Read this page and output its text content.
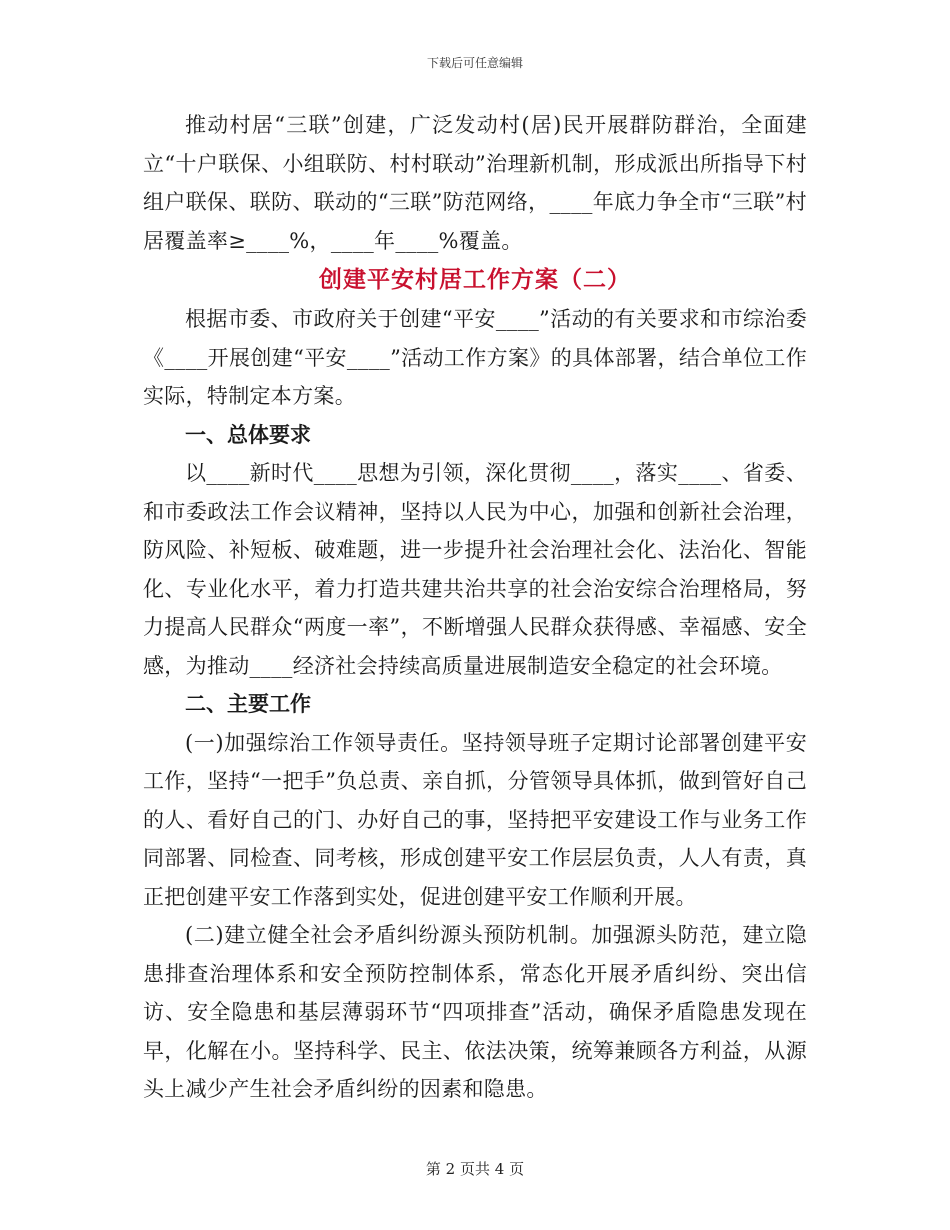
下载后可任意编辑

推动村居“三联”创建，广泛发动村(居)民开展群防群治，全面建立“十户联保、小组联防、村村联动”治理新机制，形成派出所指导下村组户联保、联防、联动的“三联”防范网络，____年底力争全市“三联”村居覆盖率≥____%，____年____%覆盖。

创建平安村居工作方案（二）

根据市委、市政府关于创建“平安____”活动的有关要求和市综治委《____开展创建“平安____”活动工作方案》的具体部署，结合单位工作实际，特制定本方案。

一、总体要求

以____新时代____思想为引领，深化贯彻____，落实____、省委、和市委政法工作会议精神，坚持以人民为中心，加强和创新社会治理，防风险、补短板、破难题，进一步提升社会治理社会化、法治化、智能化、专业化水平，着力打造共建共治共享的社会治安综合治理格局，努力提高人民群众“两度一率”，不断增强人民群众获得感、幸福感、安全感，为推动____经济社会持续高质量进展制造安全稳定的社会环境。

二、主要工作

(一)加强综治工作领导责任。坚持领导班子定期讨论部署创建平安工作，坚持“一把手”负总责、亲自抓，分管领导具体抓，做到管好自己的人、看好自己的门、办好自己的事，坚持把平安建设工作与业务工作同部署、同检查、同考核，形成创建平安工作层层负责，人人有责，真正把创建平安工作落到实处，促进创建平安工作顺利开展。

(二)建立健全社会矛盾纠纷源头预防机制。加强源头防范，建立隐患排查治理体系和安全预防控制体系，常态化开展矛盾纠纷、突出信访、安全隐患和基层薄弱环节“四项排查”活动，确保矛盾隐患发现在早，化解在小。坚持科学、民主、依法决策，统筹兼顾各方利益，从源头上减少产生社会矛盾纠纷的因素和隐患。

第 2 页共 4 页
